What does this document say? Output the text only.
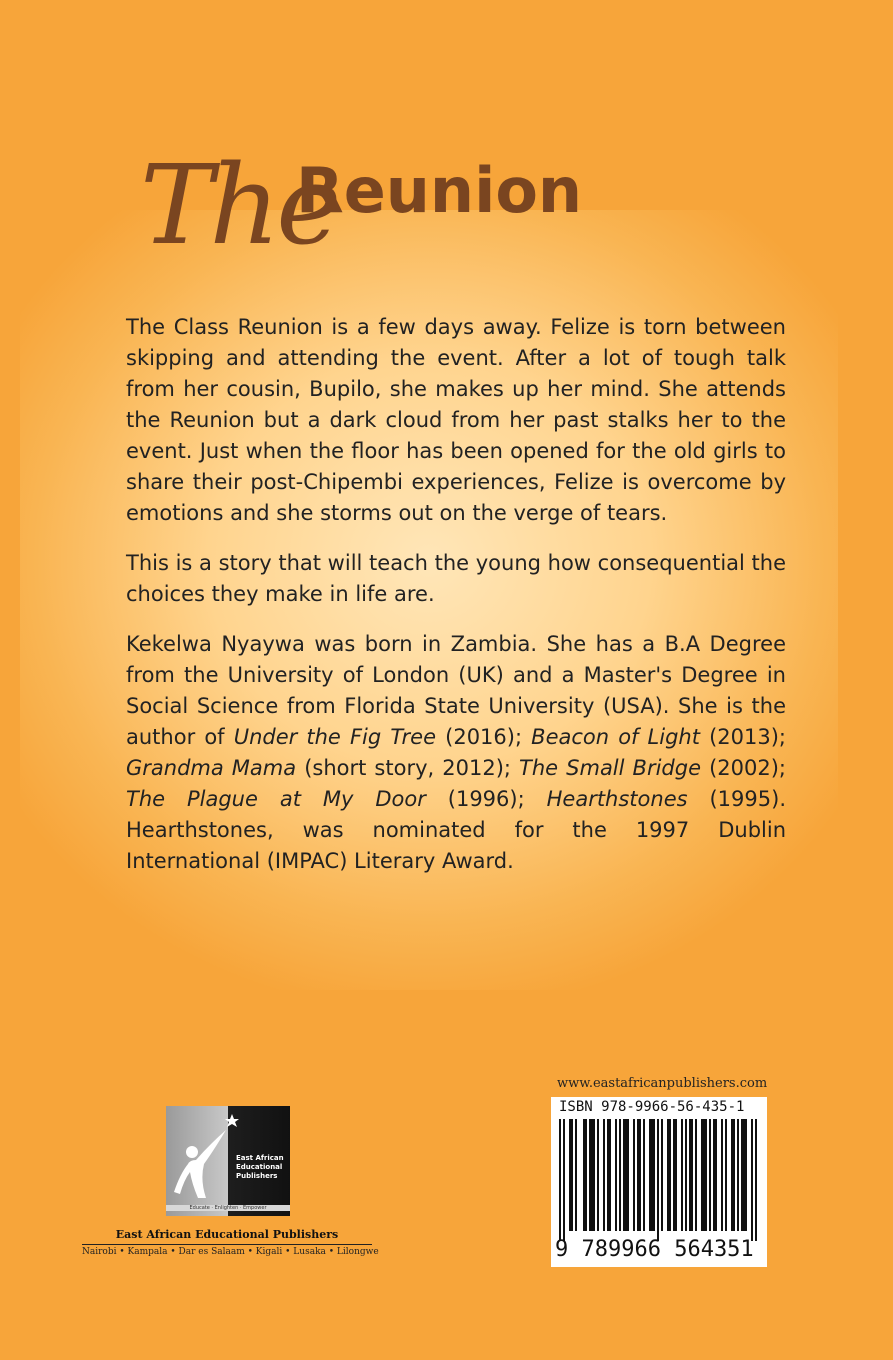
The
Reunion

The Class Reunion is a few days away. Felize is torn between skipping and attending the event. After a lot of tough talk from her cousin, Bupilo, she makes up her mind. She attends the Reunion but a dark cloud from her past stalks her to the event. Just when the floor has been opened for the old girls to share their post-Chipembi experiences, Felize is overcome by emotions and she storms out on the verge of tears.

This is a story that will teach the young how consequential the choices they make in life are.

Kekelwa Nyaywa was born in Zambia. She has a B.A Degree from the University of London (UK) and a Master's Degree in Social Science from Florida State University (USA). She is the author of Under the Fig Tree (2016); Beacon of Light (2013); Grandma Mama (short story, 2012); The Small Bridge (2002); The Plague at My Door (1996); Hearthstones (1995). Hearthstones, was nominated for the 1997 Dublin International (IMPAC) Literary Award.

East African Educational Publishers
Educate · Enlighten · Empower
East African Educational Publishers
Nairobi • Kampala • Dar es Salaam • Kigali • Lusaka • Lilongwe
www.eastafricanpublishers.com
ISBN 978-9966-56-435-1
9 789966 564351
